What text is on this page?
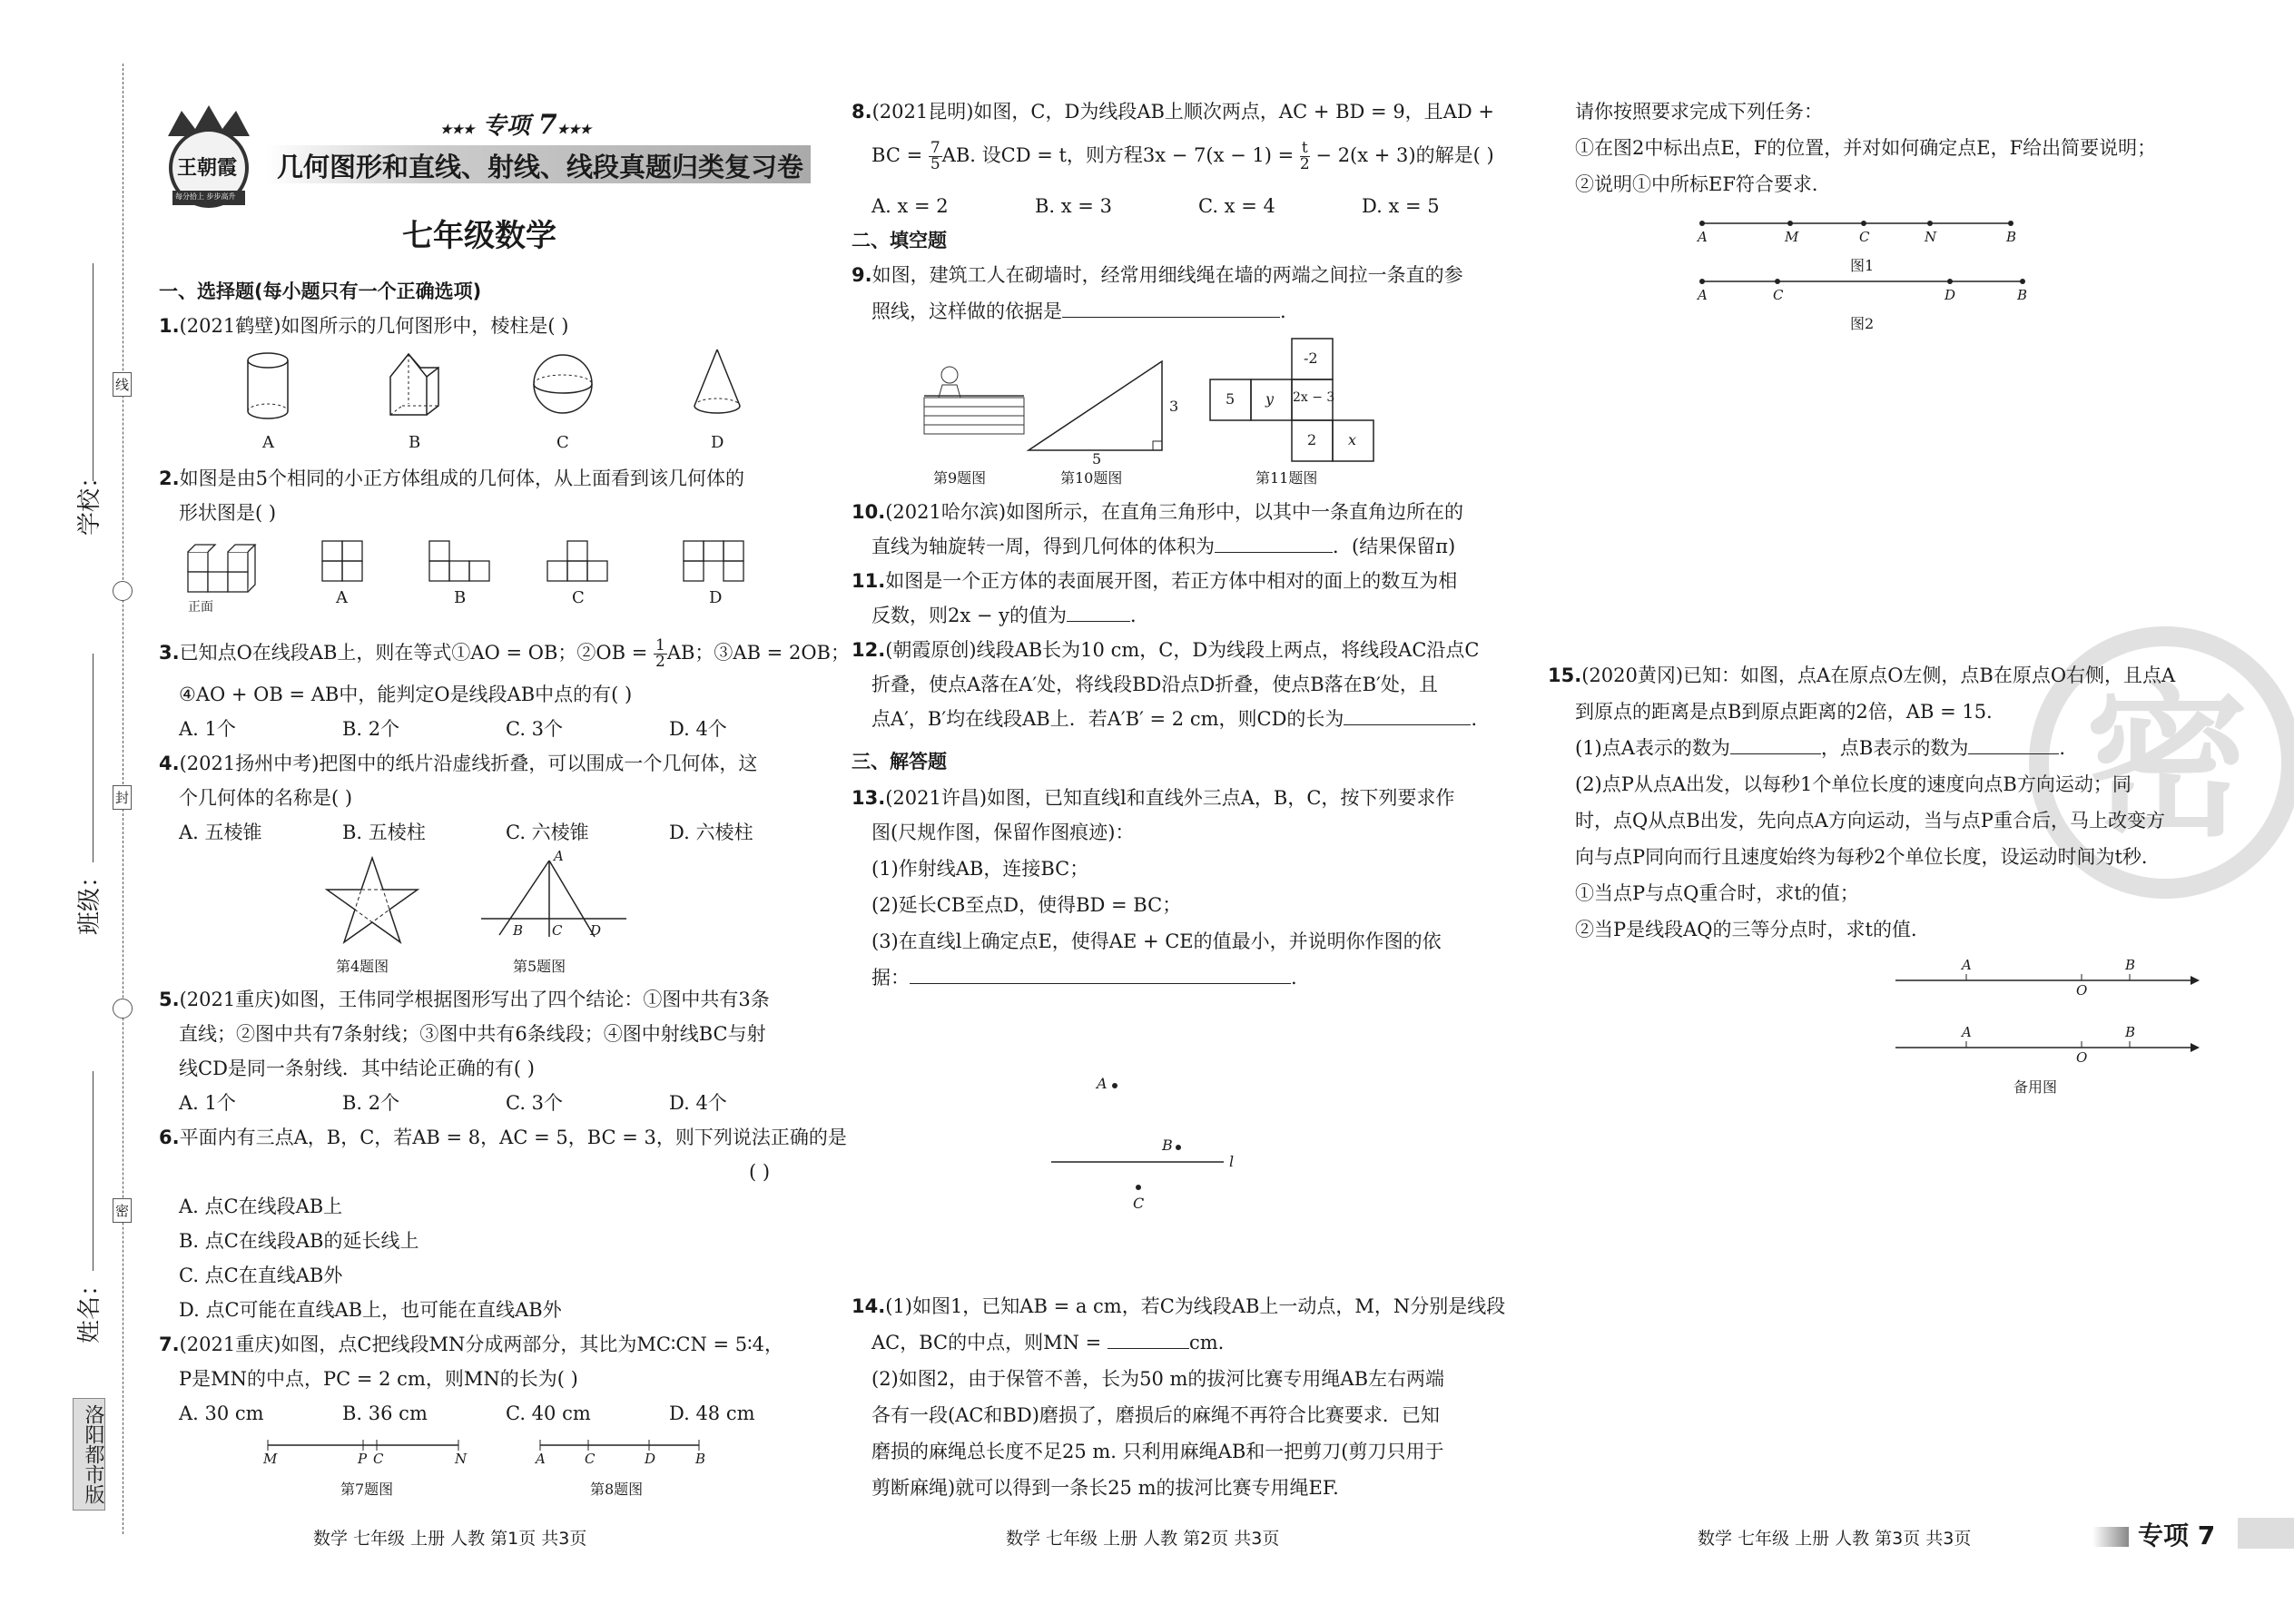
学校：
班级：
姓名：
线
封
密
洛阳都市版
王朝霞
每分拾上 步步高升
★★★ 专项 7★★★
几何图形和直线、射线、线段真题归类复习卷
七年级数学
一、选择题(每小题只有一个正确选项)
1.(2021鹤壁)如图所示的几何图形中，棱柱是( )
A	B	C	D
2.如图是由5个相同的小正方体组成的几何体，从上面看到该几何体的
形状图是( )
正面	A	B	C	D
3.已知点O在线段AB上，则在等式①AO = OB；②OB = $\frac{1}{2}$ AB；③AB = 2OB；
④AO + OB = AB中，能判定O是线段AB中点的有( )
A. 1个	B. 2个	C. 3个	D. 4个
4.(2021扬州中考)把图中的纸片沿虚线折叠，可以围成一个几何体，这
个几何体的名称是( )
A. 五棱锥	B. 五棱柱	C. 六棱锥	D. 六棱柱
A
B C D
第4题图	第5题图
5.(2021重庆)如图，王伟同学根据图形写出了四个结论：①图中共有3条
直线；②图中共有7条射线；③图中共有6条线段；④图中射线BC与射
线CD是同一条射线．其中结论正确的有( )
A. 1个	B. 2个	C. 3个	D. 4个
6.平面内有三点A，B，C，若AB = 8，AC = 5，BC = 3，则下列说法正确的是
( )
A. 点C在线段AB上
B. 点C在线段AB的延长线上
C. 点C在直线AB外
D. 点C可能在直线AB上，也可能在直线AB外
7.(2021重庆)如图，点C把线段MN分成两部分，其比为MC∶CN = 5∶4，
P是MN的中点，PC = 2 cm，则MN的长为( )
A. 30 cm	B. 36 cm	C. 40 cm	D. 48 cm
M	P C	N	A	C	D	B
第7题图	第8题图
数学 七年级 上册 人教 第1页 共3页
8.(2021昆明)如图，C，D为线段AB上顺次两点，AC + BD = 9，且AD +
BC = $\frac{7}{5}$ AB. 设CD = t，则方程$3x - 7(x - 1) = \frac{t}{2} - 2(x + 3)$的解是( )
A. x = 2	B. x = 3	C. x = 4	D. x = 5
二、填空题
9.如图，建筑工人在砌墙时，经常用细线绳在墙的两端之间拉一条直的参
照线，这样做的依据是	.
3
5
-2
5 y 2x − 3
2 x
第9题图	第10题图	第11题图
10.(2021哈尔滨)如图所示，在直角三角形中，以其中一条直角边所在的
直线为轴旋转一周，得到几何体的体积为	．(结果保留π)
11.如图是一个正方体的表面展开图，若正方体中相对的面上的数互为相
反数，则2x − y的值为	．
12.(朝霞原创)线段AB长为10 cm，C，D为线段上两点，将线段AC沿点C
折叠，使点A落在A′处，将线段BD沿点D折叠，使点B落在B′处，且
点A′，B′均在线段AB上．若A′B′ = 2 cm，则CD的长为	．
三、解答题
13.(2021许昌)如图，已知直线l和直线外三点A，B，C，按下列要求作
图(尺规作图，保留作图痕迹)：
(1)作射线AB，连接BC；
(2)延长CB至点D，使得BD = BC；
(3)在直线l上确定点E，使得AE + CE的值最小，并说明你作图的依
据：	.
A
B
C
l
14.(1)如图1，已知AB = a cm，若C为线段AB上一动点，M，N分别是线段
AC，BC的中点，则MN =	cm.
(2)如图2，由于保管不善，长为50 m的拔河比赛专用绳AB左右两端
各有一段(AC和BD)磨损了，磨损后的麻绳不再符合比赛要求．已知
磨损的麻绳总长度不足25 m. 只利用麻绳AB和一把剪刀(剪刀只用于
剪断麻绳)就可以得到一条长25 m的拔河比赛专用绳EF.
数学 七年级 上册 人教 第2页 共3页
请你按照要求完成下列任务：
①在图2中标出点E，F的位置，并对如何确定点E，F给出简要说明；
②说明①中所标EF符合要求．
A	M	C	N	B
图1
A	C	D	B
图2
密
15.(2020黄冈)已知：如图，点A在原点O左侧，点B在原点O右侧，且点A
到原点的距离是点B到原点距离的2倍，AB = 15.
(1)点A表示的数为	，点B表示的数为	.
(2)点P从点A出发，以每秒1个单位长度的速度向点B方向运动；同
时，点Q从点B出发，先向点A方向运动，当与点P重合后，马上改变方
向与点P同向而行且速度始终为每秒2个单位长度，设运动时间为t秒．
①当点P与点Q重合时，求t的值；
②当P是线段AQ的三等分点时，求t的值．
A	B
O
A	B
O
备用图
数学 七年级 上册 人教 第3页 共3页	专项 7
